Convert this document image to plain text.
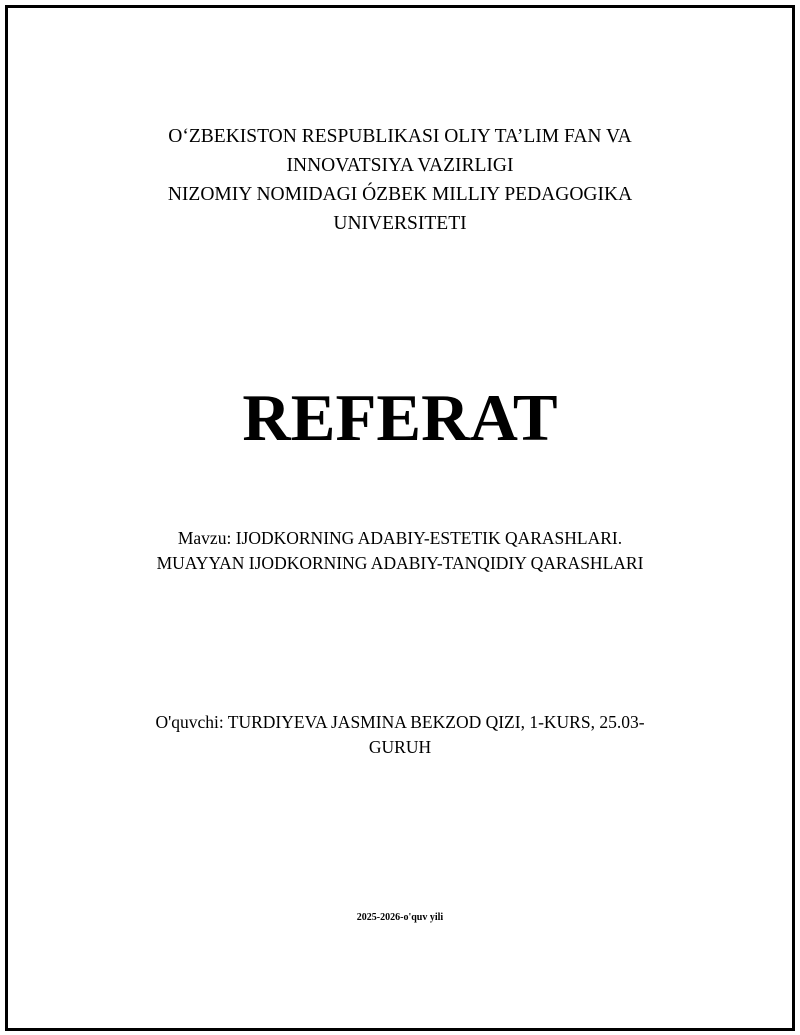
O‘ZBEKISTON RESPUBLIKASI OLIY TA’LIM FAN VA
INNOVATSIYA VAZIRLIGI
NIZOMIY NOMIDAGI ÓZBEK MILLIY PEDAGOGIKA
UNIVERSITETI
REFERAT
Mavzu: IJODKORNING ADABIY-ESTETIK QARASHLARI.
MUAYYAN IJODKORNING ADABIY-TANQIDIY QARASHLARI
O'quvchi: TURDIYEVA JASMINA BEKZOD QIZI, 1-KURS, 25.03-
GURUH
2025-2026-o'quv yili
